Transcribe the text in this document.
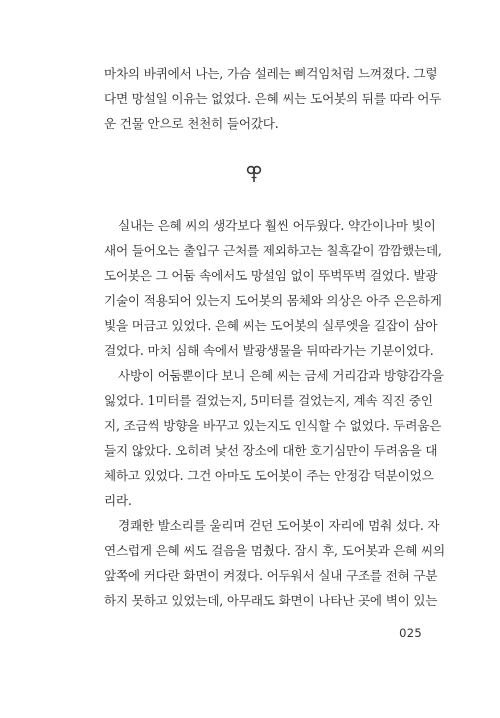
마차의 바퀴에서 나는, 가슴 설레는 삐걱임처럼 느껴졌다. 그렇
다면 망설일 이유는 없었다. 은혜 씨는 도어봇의 뒤를 따라 어두
운 건물 안으로 천천히 들어갔다.
실내는 은혜 씨의 생각보다 훨씬 어두웠다. 약간이나마 빛이
새어 들어오는 출입구 근처를 제외하고는 칠흑같이 깜깜했는데,
도어봇은 그 어둠 속에서도 망설임 없이 뚜벅뚜벅 걸었다. 발광
기술이 적용되어 있는지 도어봇의 몸체와 의상은 아주 은은하게
빛을 머금고 있었다. 은혜 씨는 도어봇의 실루엣을 길잡이 삼아
걸었다. 마치 심해 속에서 발광생물을 뒤따라가는 기분이었다.
사방이 어둠뿐이다 보니 은혜 씨는 금세 거리감과 방향감각을
잃었다. 1미터를 걸었는지, 5미터를 걸었는지, 계속 직진 중인
지, 조금씩 방향을 바꾸고 있는지도 인식할 수 없었다. 두려움은
들지 않았다. 오히려 낯선 장소에 대한 호기심만이 두려움을 대
체하고 있었다. 그건 아마도 도어봇이 주는 안정감 덕분이었으
리라.
경쾌한 발소리를 울리며 걷던 도어봇이 자리에 멈춰 섰다. 자
연스럽게 은혜 씨도 걸음을 멈췄다. 잠시 후, 도어봇과 은혜 씨의
앞쪽에 커다란 화면이 켜졌다. 어두워서 실내 구조를 전혀 구분
하지 못하고 있었는데, 아무래도 화면이 나타난 곳에 벽이 있는
025
